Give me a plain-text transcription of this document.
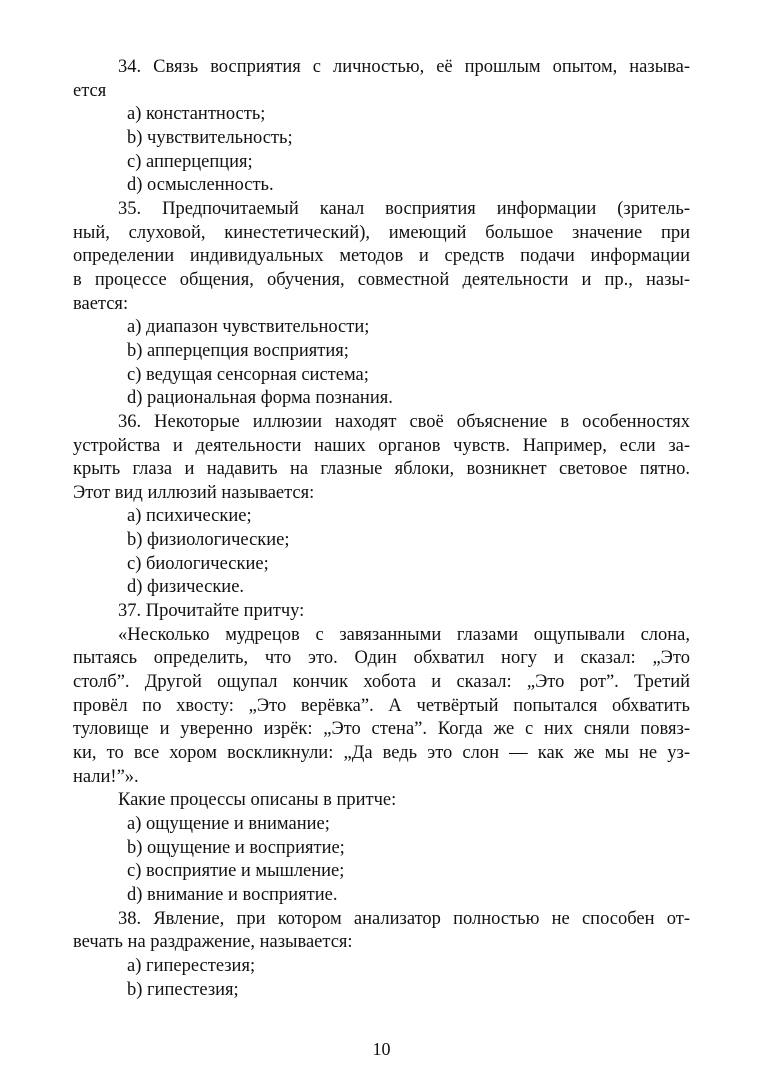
34. Связь восприятия с личностью, её прошлым опытом, называ-
ется
a) константность;
b) чувствительность;
c) апперцепция;
d) осмысленность.
35. Предпочитаемый канал восприятия информации (зритель-
ный, слуховой, кинестетический), имеющий большое значение при
определении индивидуальных методов и средств подачи информации
в процессе общения, обучения, совместной деятельности и пр., назы-
вается:
a) диапазон чувствительности;
b) апперцепция восприятия;
c) ведущая сенсорная система;
d) рациональная форма познания.
36. Некоторые иллюзии находят своё объяснение в особенностях
устройства и деятельности наших органов чувств. Например, если за-
крыть глаза и надавить на глазные яблоки, возникнет световое пятно.
Этот вид иллюзий называется:
a) психические;
b) физиологические;
c) биологические;
d) физические.
37. Прочитайте притчу:
«Несколько мудрецов с завязанными глазами ощупывали слона,
пытаясь определить, что это. Один обхватил ногу и сказал: „Это
столб”. Другой ощупал кончик хобота и сказал: „Это рот”. Третий
провёл по хвосту: „Это верёвка”. А четвёртый попытался обхватить
туловище и уверенно изрёк: „Это стена”. Когда же с них сняли повяз-
ки, то все хором воскликнули: „Да ведь это слон — как же мы не уз-
нали!”».
Какие процессы описаны в притче:
a) ощущение и внимание;
b) ощущение и восприятие;
c) восприятие и мышление;
d) внимание и восприятие.
38. Явление, при котором анализатор полностью не способен от-
вечать на раздражение, называется:
a) гиперестезия;
b) гипестезия;
10
